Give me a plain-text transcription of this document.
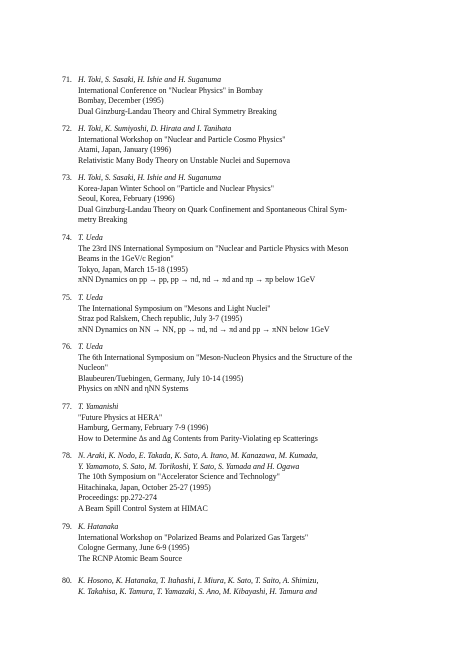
71. H. Toki, S. Sasaki, H. Ishie and H. Suganuma
International Conference on "Nuclear Physics" in Bombay
Bombay, December (1995)
Dual Ginzburg-Landau Theory and Chiral Symmetry Breaking
72. H. Toki, K. Sumiyoshi, D. Hirata and I. Tanihata
International Workshop on "Nuclear and Particle Cosmo Physics"
Atami, Japan, January (1996)
Relativistic Many Body Theory on Unstable Nuclei and Supernova
73. H. Toki, S. Sasaki, H. Ishie and H. Suganuma
Korea-Japan Winter School on "Particle and Nuclear Physics"
Seoul, Korea, February (1996)
Dual Ginzburg-Landau Theory on Quark Confinement and Spontaneous Chiral Sym-
metry Breaking
74. T. Ueda
The 23rd INS International Symposium on "Nuclear and Particle Physics with Meson
Beams in the 1GeV/c Region"
Tokyo, Japan, March 15-18 (1995)
πNN Dynamics on pp → pp, pp → πd, πd → πd and πp → πp below 1GeV
75. T. Ueda
The International Symposium on "Mesons and Light Nuclei"
Straz pod Ralskem, Chech republic, July 3-7 (1995)
πNN Dynamics on NN → NN, pp → πd, πd → πd and pp → πNN below 1GeV
76. T. Ueda
The 6th International Symposium on "Meson-Nucleon Physics and the Structure of the
Nucleon"
Blaubeuren/Tuebingen, Germany, July 10-14 (1995)
Physics on πNN and ηNN Systems
77. T. Yamanishi
"Future Physics at HERA"
Hamburg, Germany, February 7-9 (1996)
How to Determine Δs and Δg Contents from Parity-Violating ep Scatterings
78. N. Araki, K. Nodo, E. Takada, K. Sato, A. Itano, M. Kanazawa, M. Kumada,
Y. Yamamoto, S. Sato, M. Torikoshi, Y. Sato, S. Yamada and H. Ogawa
The 10th Symposium on "Accelerator Science and Technology"
Hitachinaka, Japan, October 25-27 (1995)
Proceedings: pp.272-274
A Beam Spill Control System at HIMAC
79. K. Hatanaka
International Workshop on "Polarized Beams and Polarized Gas Targets"
Cologne Germany, June 6-9 (1995)
The RCNP Atomic Beam Source
80. K. Hosono, K. Hatanaka, T. Itahashi, I. Miura, K. Sato, T. Saito, A. Shimizu,
K. Takahisa, K. Tamura, T. Yamazaki, S. Ano, M. Kibayashi, H. Tamura and
